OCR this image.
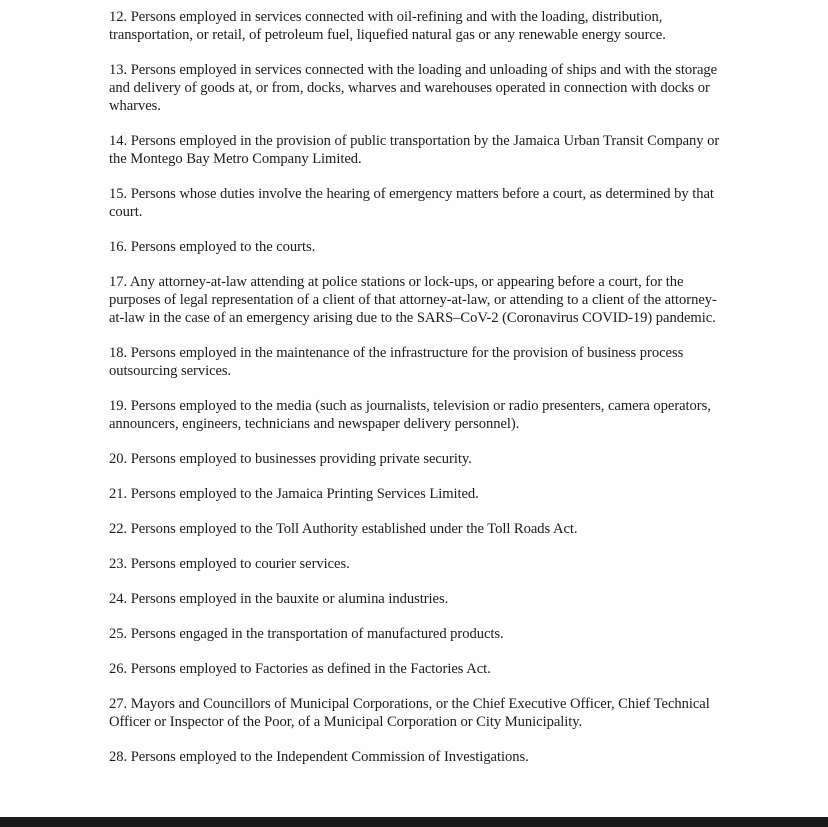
12. Persons employed in services connected with oil-refining and with the loading, distribution, transportation, or retail, of petroleum fuel, liquefied natural gas or any renewable energy source.

13. Persons employed in services connected with the loading and unloading of ships and with the storage and delivery of goods at, or from, docks, wharves and warehouses operated in connection with docks or wharves.

14. Persons employed in the provision of public transportation by the Jamaica Urban Transit Company or the Montego Bay Metro Company Limited.

15. Persons whose duties involve the hearing of emergency matters before a court, as determined by that court.

16. Persons employed to the courts.

17. Any attorney-at-law attending at police stations or lock-ups, or appearing before a court, for the purposes of legal representation of a client of that attorney-at-law, or attending to a client of the attorney-at-law in the case of an emergency arising due to the SARS–CoV-2 (Coronavirus COVID-19) pandemic.

18. Persons employed in the maintenance of the infrastructure for the provision of business process outsourcing services.

19. Persons employed to the media (such as journalists, television or radio presenters, camera operators, announcers, engineers, technicians and newspaper delivery personnel).

20. Persons employed to businesses providing private security.

21. Persons employed to the Jamaica Printing Services Limited.

22. Persons employed to the Toll Authority established under the Toll Roads Act.

23. Persons employed to courier services.

24. Persons employed in the bauxite or alumina industries.

25. Persons engaged in the transportation of manufactured products.

26. Persons employed to Factories as defined in the Factories Act.

27. Mayors and Councillors of Municipal Corporations, or the Chief Executive Officer, Chief Technical Officer or Inspector of the Poor, of a Municipal Corporation or City Municipality.

28. Persons employed to the Independent Commission of Investigations.
